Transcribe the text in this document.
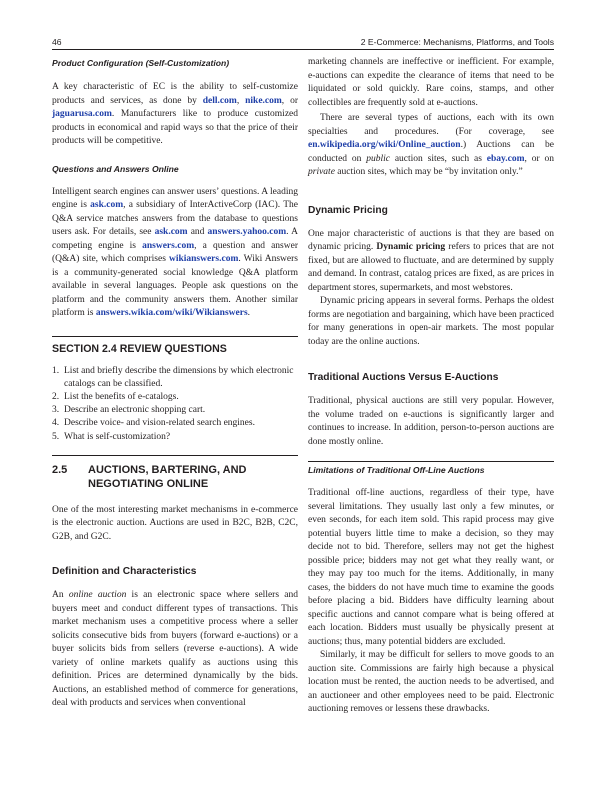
46	2 E-Commerce: Mechanisms, Platforms, and Tools
Product Configuration (Self-Customization)

A key characteristic of EC is the ability to self-customize products and services, as done by dell.com, nike.com, or jaguarusa.com. Manufacturers like to produce customized products in economical and rapid ways so that the price of their products will be competitive.

Questions and Answers Online

Intelligent search engines can answer users’ questions. A leading engine is ask.com, a subsidiary of InterActiveCorp (IAC). The Q&A service matches answers from the database to questions users ask. For details, see ask.com and answers.yahoo.com. A competing engine is answers.com, a question and answer (Q&A) site, which comprises wikianswers.com. Wiki Answers is a community-generated social knowledge Q&A platform available in several languages. People ask questions on the platform and the community answers them. Another similar platform is answers.wikia.com/wiki/Wikianswers.

SECTION 2.4 REVIEW QUESTIONS
1. List and briefly describe the dimensions by which electronic catalogs can be classified.
2. List the benefits of e-catalogs.
3. Describe an electronic shopping cart.
4. Describe voice- and vision-related search engines.
5. What is self-customization?
2.5 AUCTIONS, BARTERING, AND NEGOTIATING ONLINE

One of the most interesting market mechanisms in e-commerce is the electronic auction. Auctions are used in B2C, B2B, C2C, G2B, and G2C.

Definition and Characteristics

An online auction is an electronic space where sellers and buyers meet and conduct different types of transactions. This market mechanism uses a competitive process where a seller solicits consecutive bids from buyers (forward e-auctions) or a buyer solicits bids from sellers (reverse e-auctions). A wide variety of online markets qualify as auctions using this definition. Prices are determined dynamically by the bids. Auctions, an established method of commerce for generations, deal with products and services when conventional

marketing channels are ineffective or inefficient. For example, e-auctions can expedite the clearance of items that need to be liquidated or sold quickly. Rare coins, stamps, and other collectibles are frequently sold at e-auctions.

There are several types of auctions, each with its own specialties and procedures. (For coverage, see en.wikipedia.org/wiki/Online_auction.) Auctions can be conducted on public auction sites, such as ebay.com, or on private auction sites, which may be “by invitation only.”

Dynamic Pricing

One major characteristic of auctions is that they are based on dynamic pricing. Dynamic pricing refers to prices that are not fixed, but are allowed to fluctuate, and are determined by supply and demand. In contrast, catalog prices are fixed, as are prices in department stores, supermarkets, and most webstores.

Dynamic pricing appears in several forms. Perhaps the oldest forms are negotiation and bargaining, which have been practiced for many generations in open-air markets. The most popular today are the online auctions.

Traditional Auctions Versus E-Auctions

Traditional, physical auctions are still very popular. However, the volume traded on e-auctions is significantly larger and continues to increase. In addition, person-to-person auctions are done mostly online.

Limitations of Traditional Off-Line Auctions

Traditional off-line auctions, regardless of their type, have several limitations. They usually last only a few minutes, or even seconds, for each item sold. This rapid process may give potential buyers little time to make a decision, so they may decide not to bid. Therefore, sellers may not get the highest possible price; bidders may not get what they really want, or they may pay too much for the items. Additionally, in many cases, the bidders do not have much time to examine the goods before placing a bid. Bidders have difficulty learning about specific auctions and cannot compare what is being offered at each location. Bidders must usually be physically present at auctions; thus, many potential bidders are excluded.

Similarly, it may be difficult for sellers to move goods to an auction site. Commissions are fairly high because a physical location must be rented, the auction needs to be advertised, and an auctioneer and other employees need to be paid. Electronic auctioning removes or lessens these drawbacks.
